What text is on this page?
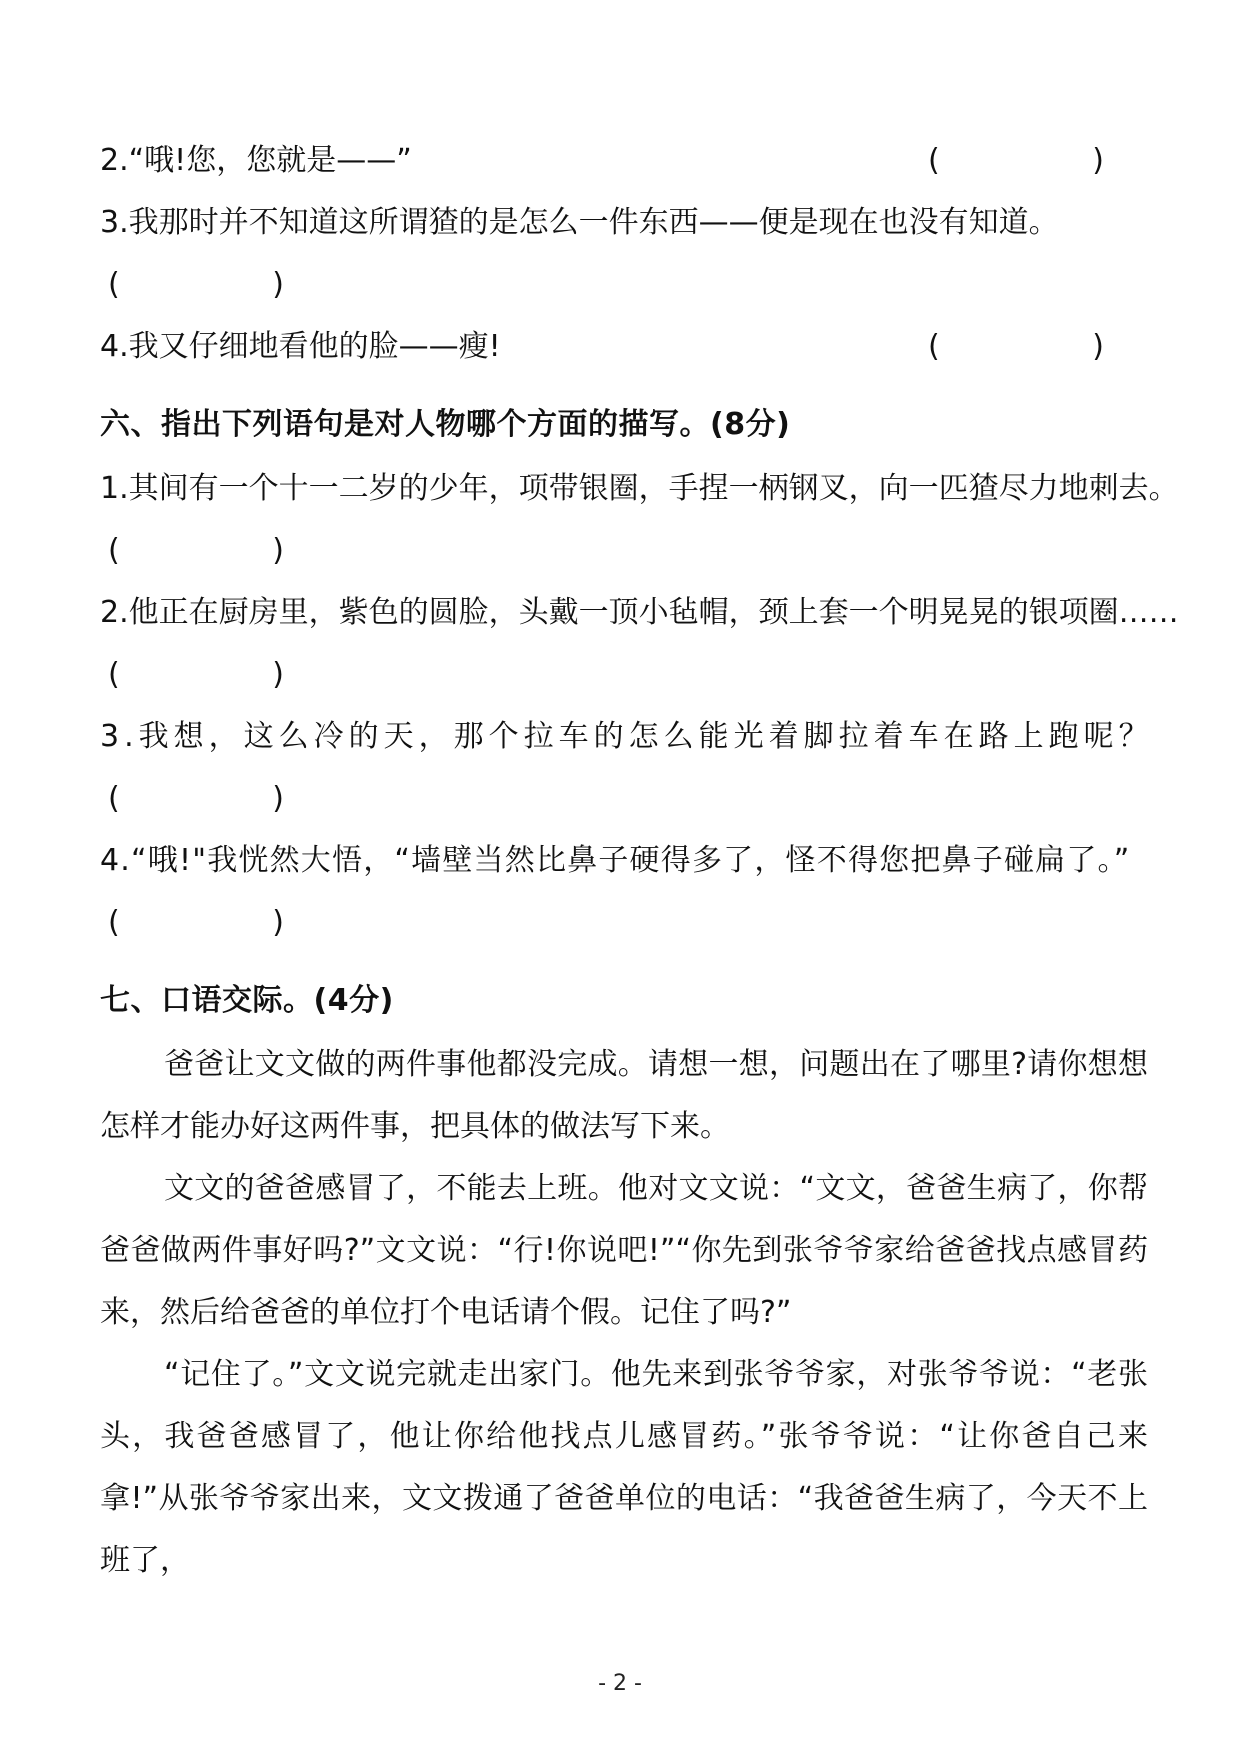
2. “哦!您，您就是——”	(                )
3. 我那时并不知道这所谓猹的是怎么一件东西——便是现在也没有知道。
(                )
4. 我又仔细地看他的脸——瘦!	(                )
六、指出下列语句是对人物哪个方面的描写。(8分)
1. 其间有一个十一二岁的少年，项带银圈，手捏一柄钢叉，向一匹猹尽力地刺去。
(                )
2. 他正在厨房里，紫色的圆脸，头戴一顶小毡帽，颈上套一个明晃晃的银项圈……
(                )
3. 我想，这么冷的天，那个拉车的怎么能光着脚拉着车在路上跑呢？
(                )
4. “哦!"我恍然大悟，“墙壁当然比鼻子硬得多了，怪不得您把鼻子碰扁了。”
(                )
七、口语交际。(4分)
爸爸让文文做的两件事他都没完成。请想一想，问题出在了哪里?请你想想怎样才能办好这两件事，把具体的做法写下来。
文文的爸爸感冒了，不能去上班。他对文文说：“文文，爸爸生病了，你帮爸爸做两件事好吗?”文文说：“行!你说吧!”“你先到张爷爷家给爸爸找点感冒药来，然后给爸爸的单位打个电话请个假。记住了吗?”
“记住了。”文文说完就走出家门。他先来到张爷爷家，对张爷爷说：“老张头，我爸爸感冒了，他让你给他找点儿感冒药。”张爷爷说：“让你爸自己来拿!”从张爷爷家出来，文文拨通了爸爸单位的电话：“我爸爸生病了，今天不上班了，
- 2 -
